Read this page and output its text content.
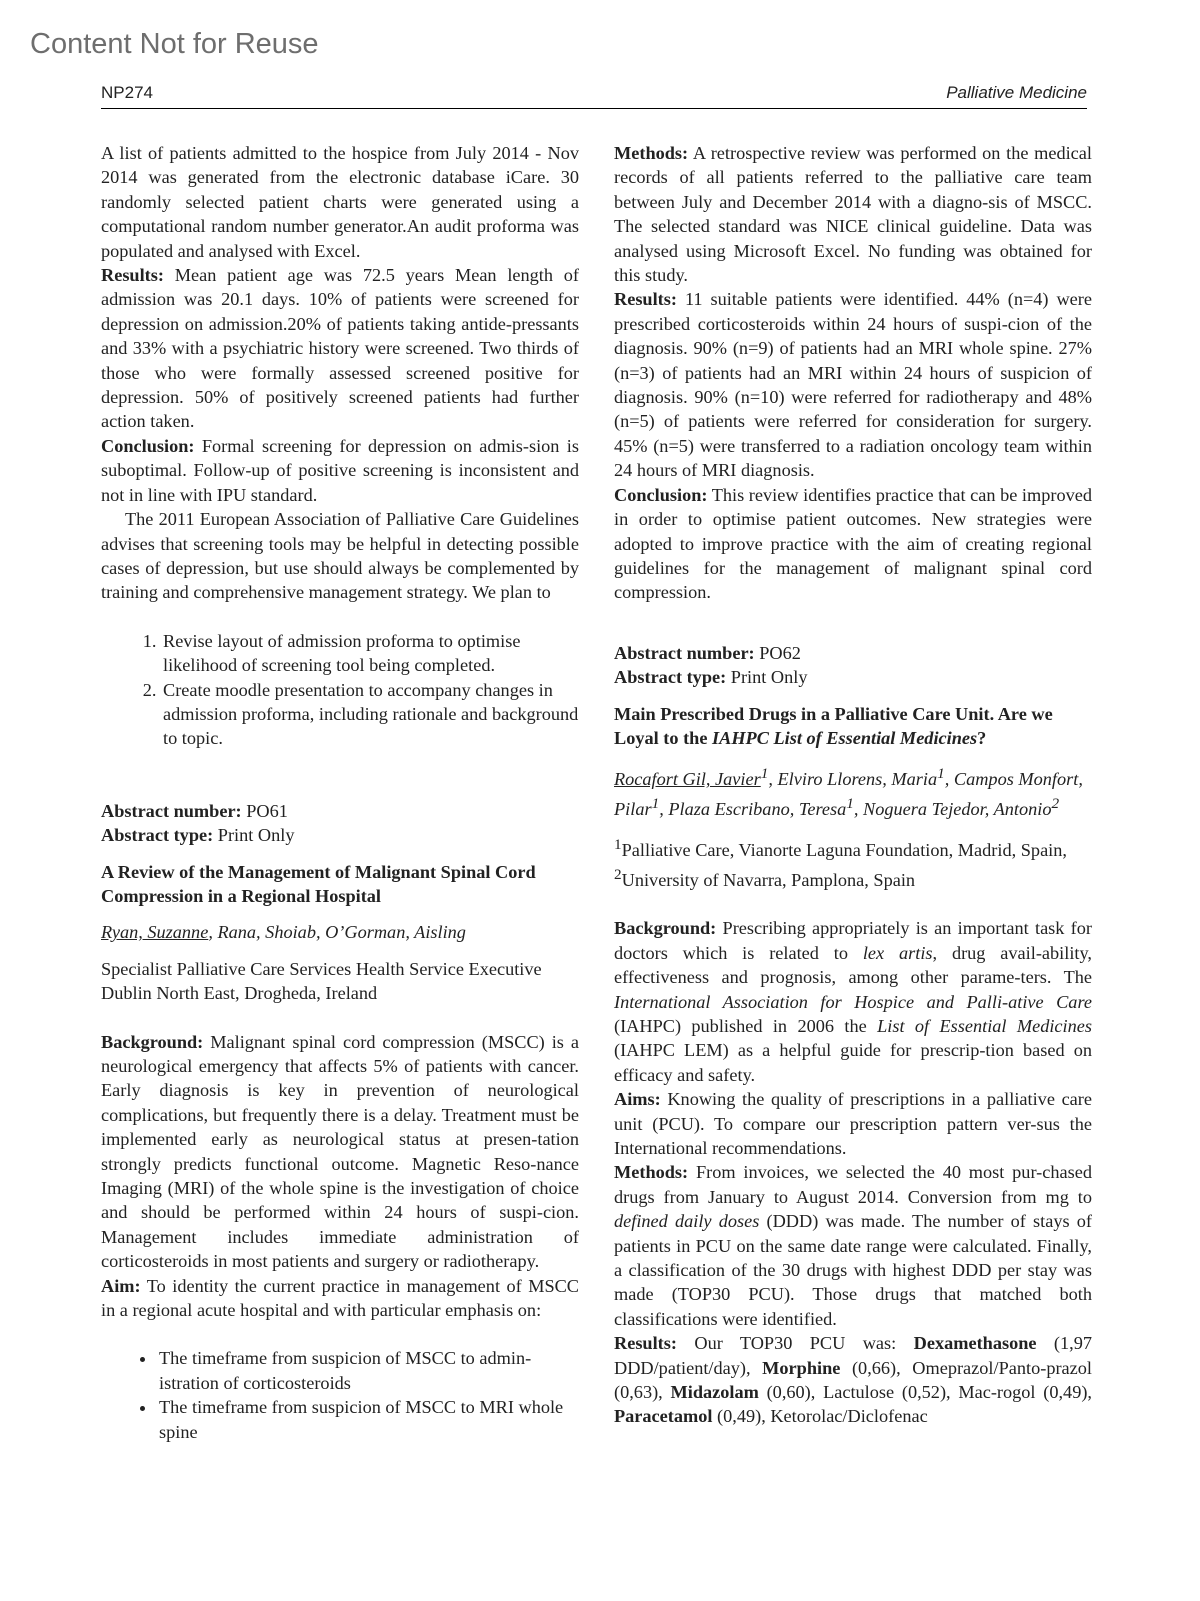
Content Not for Reuse
NP274	Palliative Medicine

A list of patients admitted to the hospice from July 2014 - Nov 2014 was generated from the electronic database iCare. 30 randomly selected patient charts were generated using a computational random number generator.An audit proforma was populated and analysed with Excel.

Results: Mean patient age was 72.5 years Mean length of admission was 20.1 days. 10% of patients were screened for depression on admission.20% of patients taking antide-pressants and 33% with a psychiatric history were screened. Two thirds of those who were formally assessed screened positive for depression. 50% of positively screened patients had further action taken.

Conclusion: Formal screening for depression on admis-sion is suboptimal. Follow-up of positive screening is inconsistent and not in line with IPU standard.

The 2011 European Association of Palliative Care Guidelines advises that screening tools may be helpful in detecting possible cases of depression, but use should always be complemented by training and comprehensive management strategy. We plan to

1. Revise layout of admission proforma to optimise likelihood of screening tool being completed.
2. Create moodle presentation to accompany changes in admission proforma, including rationale and background to topic.

Abstract number: PO61

Abstract type: Print Only

A Review of the Management of Malignant Spinal Cord Compression in a Regional Hospital

Ryan, Suzanne, Rana, Shoiab, O’Gorman, Aisling

Specialist Palliative Care Services Health Service Executive Dublin North East, Drogheda, Ireland

Background: Malignant spinal cord compression (MSCC) is a neurological emergency that affects 5% of patients with cancer. Early diagnosis is key in prevention of neurological complications, but frequently there is a delay. Treatment must be implemented early as neurological status at presen-tation strongly predicts functional outcome. Magnetic Reso-nance Imaging (MRI) of the whole spine is the investigation of choice and should be performed within 24 hours of suspi-cion. Management includes immediate administration of corticosteroids in most patients and surgery or radiotherapy.

Aim: To identity the current practice in management of MSCC in a regional acute hospital and with particular emphasis on:

• The timeframe from suspicion of MSCC to admin-istration of corticosteroids
• The timeframe from suspicion of MSCC to MRI whole spine

Methods: A retrospective review was performed on the medical records of all patients referred to the palliative care team between July and December 2014 with a diagno-sis of MSCC. The selected standard was NICE clinical guideline. Data was analysed using Microsoft Excel. No funding was obtained for this study.

Results: 11 suitable patients were identified. 44% (n=4) were prescribed corticosteroids within 24 hours of suspi-cion of the diagnosis. 90% (n=9) of patients had an MRI whole spine. 27% (n=3) of patients had an MRI within 24 hours of suspicion of diagnosis. 90% (n=10) were referred for radiotherapy and 48% (n=5) of patients were referred for consideration for surgery. 45% (n=5) were transferred to a radiation oncology team within 24 hours of MRI diagnosis.

Conclusion: This review identifies practice that can be improved in order to optimise patient outcomes. New strategies were adopted to improve practice with the aim of creating regional guidelines for the management of malignant spinal cord compression.

Abstract number: PO62

Abstract type: Print Only

Main Prescribed Drugs in a Palliative Care Unit. Are we Loyal to the IAHPC List of Essential Medicines?

Rocafort Gil, Javier$^1$, Elviro Llorens, Maria$^1$, Campos Monfort, Pilar$^1$, Plaza Escribano, Teresa$^1$, Noguera Tejedor, Antonio$^2$

$^1$Palliative Care, Vianorte Laguna Foundation, Madrid, Spain, $^2$University of Navarra, Pamplona, Spain

Background: Prescribing appropriately is an important task for doctors which is related to lex artis, drug avail-ability, effectiveness and prognosis, among other parame-ters. The International Association for Hospice and Palli-ative Care (IAHPC) published in 2006 the List of Essential Medicines (IAHPC LEM) as a helpful guide for prescrip-tion based on efficacy and safety.

Aims: Knowing the quality of prescriptions in a palliative care unit (PCU). To compare our prescription pattern ver-sus the International recommendations.

Methods: From invoices, we selected the 40 most pur-chased drugs from January to August 2014. Conversion from mg to defined daily doses (DDD) was made. The number of stays of patients in PCU on the same date range were calculated. Finally, a classification of the 30 drugs with highest DDD per stay was made (TOP30 PCU). Those drugs that matched both classifications were identified.

Results: Our TOP30 PCU was: Dexamethasone (1,97 DDD/patient/day), Morphine (0,66), Omeprazol/Panto-prazol (0,63), Midazolam (0,60), Lactulose (0,52), Mac-rogol (0,49), Paracetamol (0,49), Ketorolac/Diclofenac
